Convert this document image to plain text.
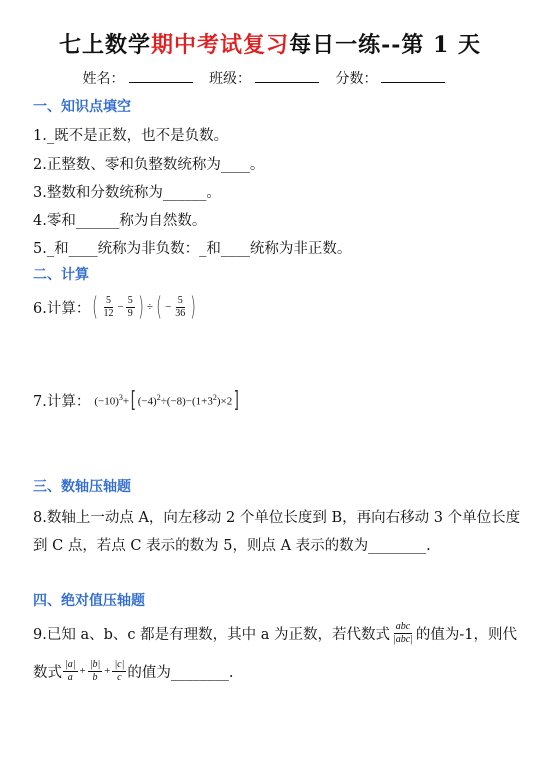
七上数学期中考试复习每日一练--第 1 天
姓名：	班级：	分数：
一、知识点填空
1._既不是正数，也不是负数。
2.正整数、零和负整数统称为____。
3.整数和分数统称为______。
4.零和______称为自然数。
5._和____统称为非负数：_和____统称为非正数。
二、计算
6.计算： ( $\frac{5}{12} - \frac{5}{9}$ ) ÷ ( − $\frac{5}{36}$ )
7.计算： $(-10)^3+$ [ $(-4)^2\div(-8)-(1+3^2)\times 2$ ]
三、数轴压轴题
8.数轴上一动点 A，向左移动 2 个单位长度到 B，再向右移动 3 个单位长度
到 C 点，若点 C 表示的数为 5，则点 A 表示的数为________.
四、绝对值压轴题
9.已知 a、b、c 都是有理数，其中 a 为正数，若代数式 $\frac{\text{abc}}{\text{|abc|}}$ 的值为-1，则代
数式 $\frac{|a|}{a} + \frac{|b|}{b} + \frac{|c|}{c}$ 的值为________.
